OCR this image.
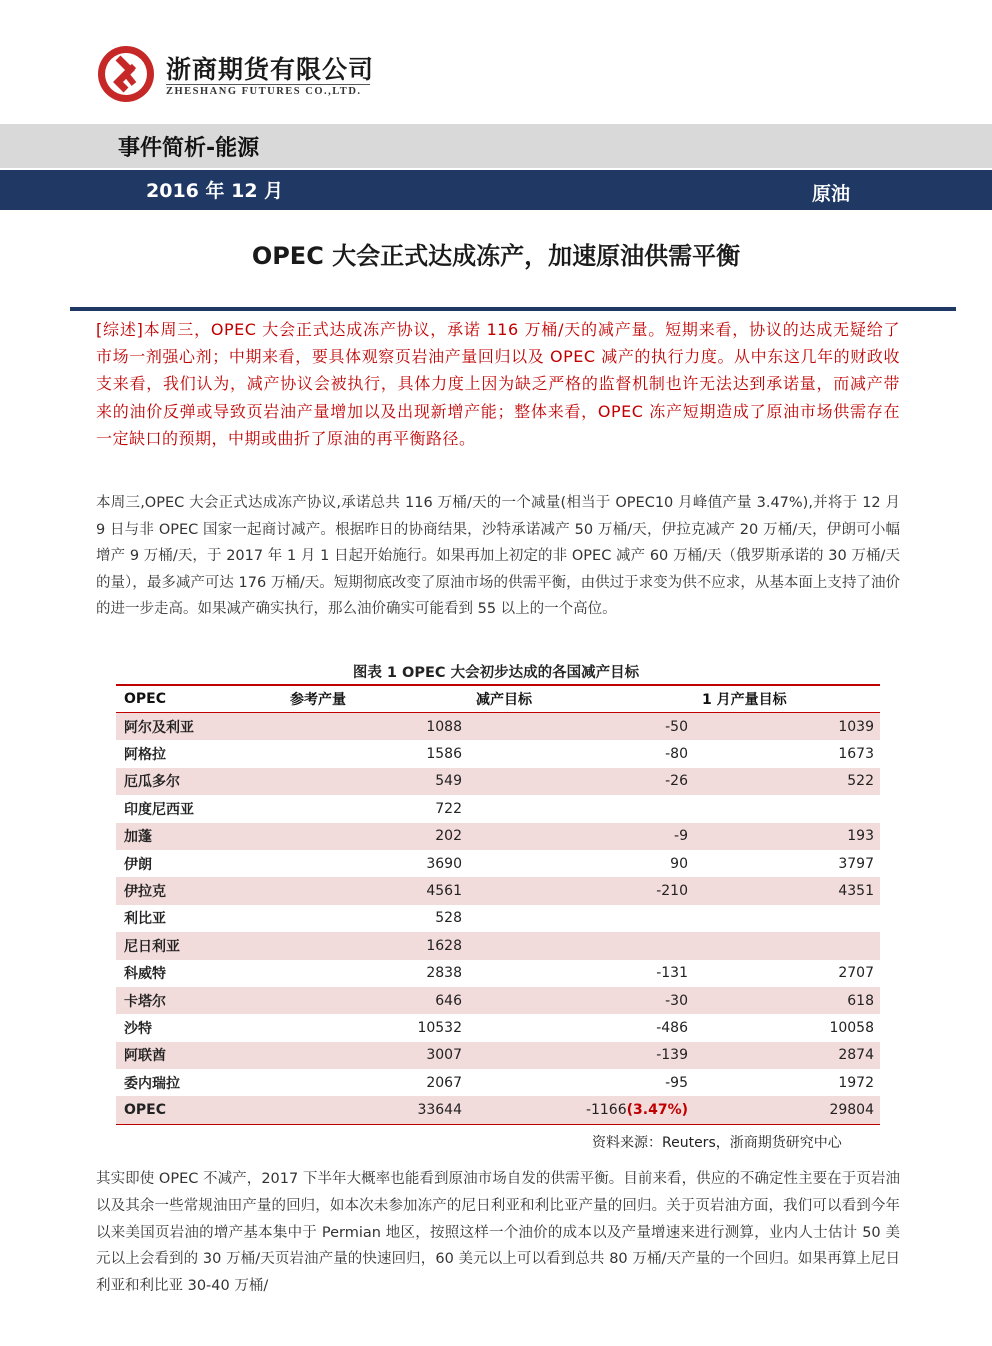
浙商期货有限公司
ZHESHANG FUTURES CO.,LTD.
事件简析-能源
2016 年 12 月	原油
OPEC 大会正式达成冻产，加速原油供需平衡
[综述]本周三，OPEC 大会正式达成冻产协议，承诺 116 万桶/天的减产量。短期来看，协议的达成无疑给了市场一剂强心剂；中期来看，要具体观察页岩油产量回归以及 OPEC 减产的执行力度。从中东这几年的财政收支来看，我们认为，减产协议会被执行，具体力度上因为缺乏严格的监督机制也许无法达到承诺量，而减产带来的油价反弹或导致页岩油产量增加以及出现新增产能；整体来看，OPEC 冻产短期造成了原油市场供需存在一定缺口的预期，中期或曲折了原油的再平衡路径。
本周三,OPEC 大会正式达成冻产协议,承诺总共 116 万桶/天的一个减量(相当于 OPEC10 月峰值产量 3.47%),并将于 12 月 9 日与非 OPEC 国家一起商讨减产。根据昨日的协商结果，沙特承诺减产 50 万桶/天，伊拉克减产 20 万桶/天，伊朗可小幅增产 9 万桶/天，于 2017 年 1 月 1 日起开始施行。如果再加上初定的非 OPEC 减产 60 万桶/天（俄罗斯承诺的 30 万桶/天的量），最多减产可达 176 万桶/天。短期彻底改变了原油市场的供需平衡，由供过于求变为供不应求，从基本面上支持了油价的进一步走高。如果减产确实执行，那么油价确实可能看到 55 以上的一个高位。
图表 1 OPEC 大会初步达成的各国减产目标
OPEC	参考产量	减产目标	1 月产量目标
阿尔及利亚	1088	-50	1039
阿格拉	1586	-80	1673
厄瓜多尔	549	-26	522
印度尼西亚	722		
加蓬	202	-9	193
伊朗	3690	90	3797
伊拉克	4561	-210	4351
利比亚	528		
尼日利亚	1628		
科威特	2838	-131	2707
卡塔尔	646	-30	618
沙特	10532	-486	10058
阿联酋	3007	-139	2874
委内瑞拉	2067	-95	1972
OPEC	33644	-1166(3.47%)	29804
资料来源：Reuters，浙商期货研究中心
其实即使 OPEC 不减产，2017 下半年大概率也能看到原油市场自发的供需平衡。目前来看，供应的不确定性主要在于页岩油以及其余一些常规油田产量的回归，如本次未参加冻产的尼日利亚和利比亚产量的回归。关于页岩油方面，我们可以看到今年以来美国页岩油的增产基本集中于 Permian 地区，按照这样一个油价的成本以及产量增速来进行测算，业内人士估计 50 美元以上会看到的 30 万桶/天页岩油产量的快速回归，60 美元以上可以看到总共 80 万桶/天产量的一个回归。如果再算上尼日利亚和利比亚 30-40 万桶/
